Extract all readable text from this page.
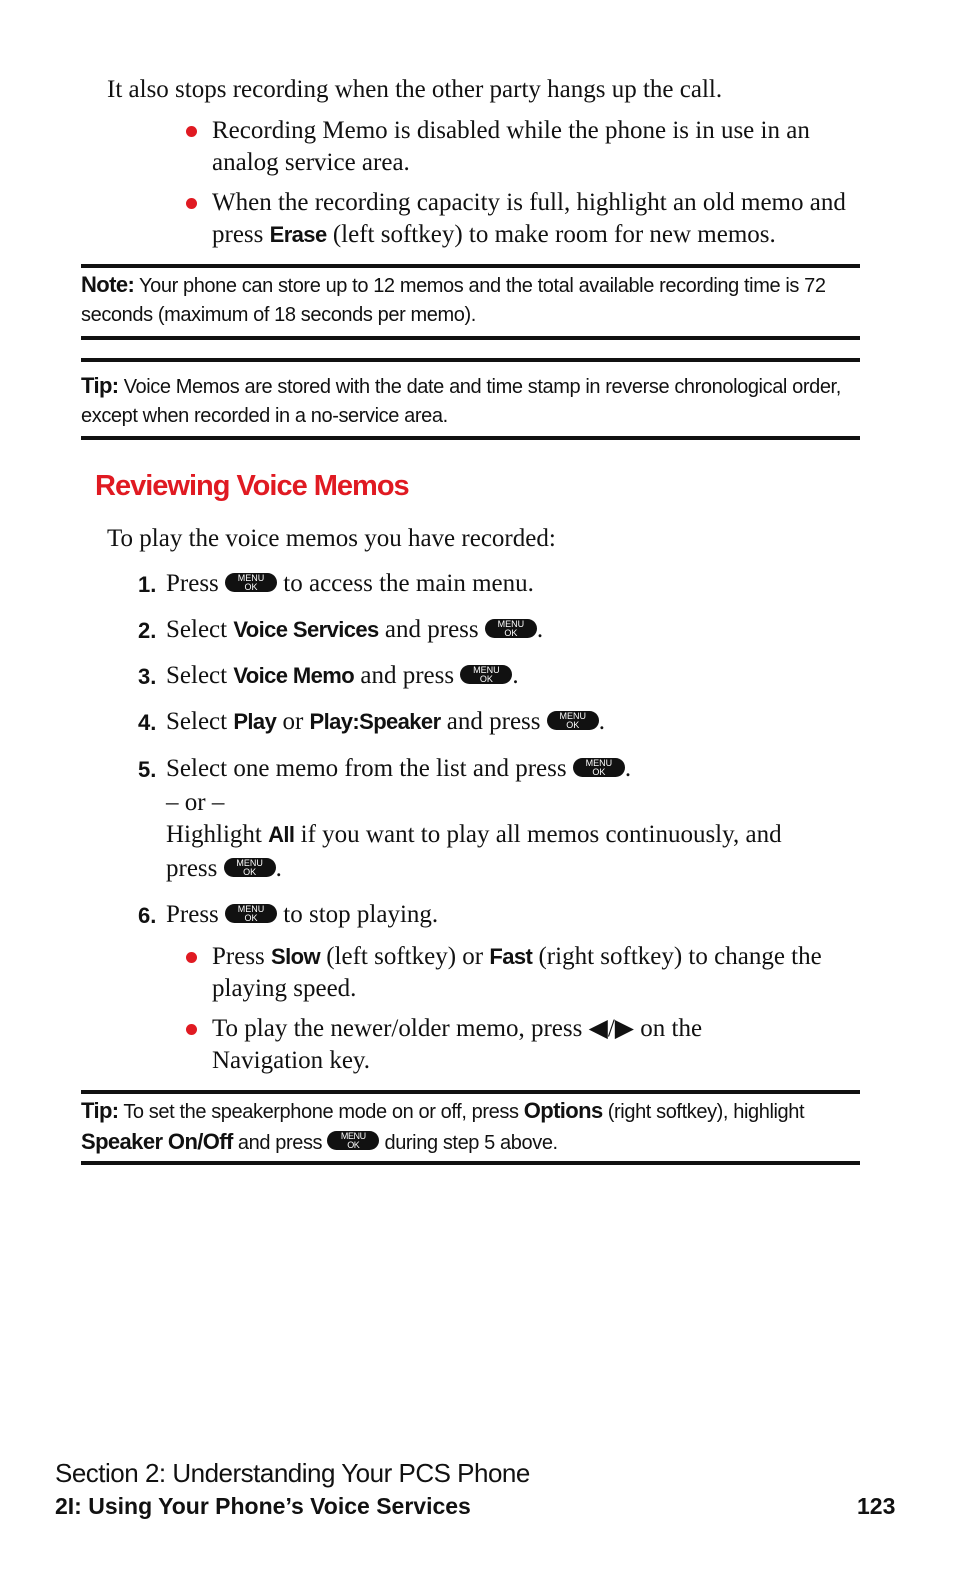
It also stops recording when the other party hangs up the call.
Recording Memo is disabled while the phone is in use in an analog service area.
When the recording capacity is full, highlight an old memo and press Erase (left softkey) to make room for new memos.
Note: Your phone can store up to 12 memos and the total available recording time is 72 seconds (maximum of 18 seconds per memo).
Tip: Voice Memos are stored with the date and time stamp in reverse chronological order, except when recorded in a no-service area.
Reviewing Voice Memos
To play the voice memos you have recorded:
1. Press	MENU
OK to access the main menu.
2. Select Voice Services and press	MENU
OK .
3. Select Voice Memo and press	MENU
OK .
4. Select Play or Play:Speaker and press	MENU
OK .
5. Select one memo from the list and press	MENU
OK .
– or –
Highlight All if you want to play all memos continuously, and
press	MENU
OK .
6. Press	MENU
OK to stop playing.
Press Slow (left softkey) or Fast (right softkey) to change the playing speed.
To play the newer/older memo, press ◀/▶ on the Navigation key.
Tip: To set the speakerphone mode on or off, press Options (right softkey), highlight Speaker On/Off and press	MENU
OK during step 5 above.
Section 2: Understanding Your PCS Phone
2I: Using Your Phone’s Voice Services	123
